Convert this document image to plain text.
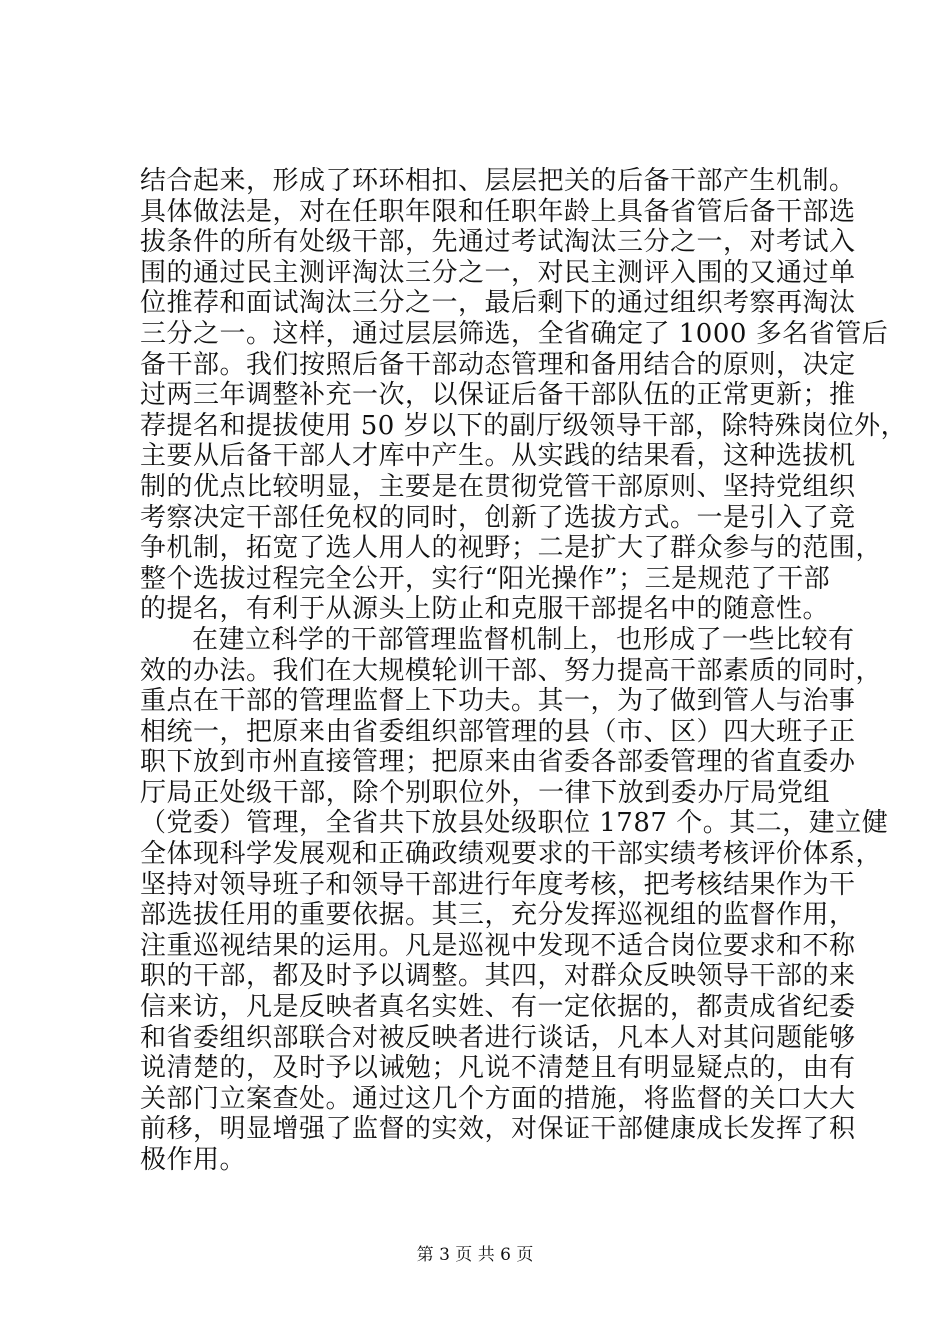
结合起来，形成了环环相扣、层层把关的后备干部产生机制。
具体做法是，对在任职年限和任职年龄上具备省管后备干部选
拔条件的所有处级干部，先通过考试淘汰三分之一，对考试入
围的通过民主测评淘汰三分之一，对民主测评入围的又通过单
位推荐和面试淘汰三分之一，最后剩下的通过组织考察再淘汰
三分之一。这样，通过层层筛选，全省确定了 1000 多名省管后
备干部。我们按照后备干部动态管理和备用结合的原则，决定
过两三年调整补充一次，以保证后备干部队伍的正常更新；推
荐提名和提拔使用 50 岁以下的副厅级领导干部，除特殊岗位外，
主要从后备干部人才库中产生。从实践的结果看，这种选拔机
制的优点比较明显，主要是在贯彻党管干部原则、坚持党组织
考察决定干部任免权的同时，创新了选拔方式。一是引入了竞
争机制，拓宽了选人用人的视野；二是扩大了群众参与的范围，
整个选拔过程完全公开，实行“阳光操作”；三是规范了干部
的提名，有利于从源头上防止和克服干部提名中的随意性。
在建立科学的干部管理监督机制上，也形成了一些比较有
效的办法。我们在大规模轮训干部、努力提高干部素质的同时，
重点在干部的管理监督上下功夫。其一，为了做到管人与治事
相统一，把原来由省委组织部管理的县（市、区）四大班子正
职下放到市州直接管理；把原来由省委各部委管理的省直委办
厅局正处级干部，除个别职位外，一律下放到委办厅局党组
（党委）管理，全省共下放县处级职位 1787 个。其二，建立健
全体现科学发展观和正确政绩观要求的干部实绩考核评价体系，
坚持对领导班子和领导干部进行年度考核，把考核结果作为干
部选拔任用的重要依据。其三，充分发挥巡视组的监督作用，
注重巡视结果的运用。凡是巡视中发现不适合岗位要求和不称
职的干部，都及时予以调整。其四，对群众反映领导干部的来
信来访，凡是反映者真名实姓、有一定依据的，都责成省纪委
和省委组织部联合对被反映者进行谈话，凡本人对其问题能够
说清楚的，及时予以诫勉；凡说不清楚且有明显疑点的，由有
关部门立案查处。通过这几个方面的措施，将监督的关口大大
前移，明显增强了监督的实效，对保证干部健康成长发挥了积
极作用。
第 3 页 共 6 页
